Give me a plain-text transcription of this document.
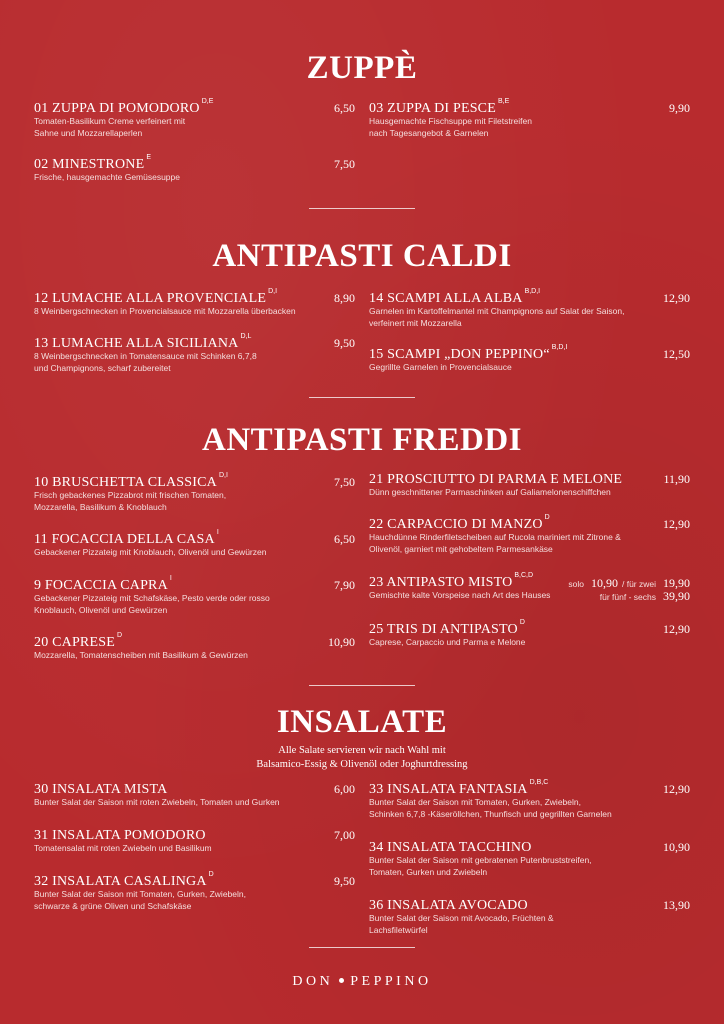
ZUPPÈ
01 ZUPPA DI POMODORO $^{D,E}$	6,50
Tomaten-Basilikum Creme verfeinert mit
Sahne und Mozzarellaperlen
02 MINESTRONE $^E$	7,50
Frische, hausgemachte Gemüsesuppe
03 ZUPPA DI PESCE $^{B,E}$	9,90
Hausgemachte Fischsuppe mit Filetstreifen
nach Tagesangebot & Garnelen
ANTIPASTI CALDI
12 LUMACHE ALLA PROVENCIALE $^{D,I}$	8,90
8 Weinbergschnecken in Provencialsauce mit Mozzarella überbacken
13 LUMACHE ALLA SICILIANA $^{D,L}$	9,50
8 Weinbergschnecken in Tomatensauce mit Schinken 6,7,8
und Champignons, scharf zubereitet
14 SCAMPI ALLA ALBA $^{B,D,I}$	12,90
Garnelen im Kartoffelmantel mit Champignons auf Salat der Saison,
verfeinert mit Mozzarella
15 SCAMPI „DON PEPPINO“ $^{B,D,I}$	12,50
Gegrillte Garnelen in Provencialsauce
ANTIPASTI FREDDI
10 BRUSCHETTA CLASSICA $^{D,I}$	7,50
Frisch gebackenes Pizzabrot mit frischen Tomaten,
Mozzarella, Basilikum & Knoblauch
11 FOCACCIA DELLA CASA $^I$	6,50
Gebackener Pizzateig mit Knoblauch, Olivenöl und Gewürzen
9 FOCACCIA CAPRA $^I$	7,90
Gebackener Pizzateig mit Schafskäse, Pesto verde oder rosso
Knoblauch, Olivenöl und Gewürzen
20 CAPRESE $^D$	10,90
Mozzarella, Tomatenscheiben mit Basilikum & Gewürzen
21 PROSCIUTTO DI PARMA E MELONE	11,90
Dünn geschnittener Parmaschinken auf Galiamelonenschiffchen
22 CARPACCIO DI MANZO $^D$	12,90
Hauchdünne Rinderfiletscheiben auf Rucola mariniert mit Zitrone &
Olivenöl, garniert mit gehobeltem Parmesankäse
23 ANTIPASTO MISTO $^{B,C,D}$
solo 10,90 / für zwei 19,90
Gemischte kalte Vorspeise nach Art des Hauses	für fünf - sechs 39,90
25 TRIS DI ANTIPASTO $^D$	12,90
Caprese, Carpaccio und Parma e Melone
INSALATE
Alle Salate servieren wir nach Wahl mit
Balsamico-Essig & Olivenöl oder Joghurtdressing
30 INSALATA MISTA	6,00
Bunter Salat der Saison mit roten Zwiebeln, Tomaten und Gurken
31 INSALATA POMODORO	7,00
Tomatensalat mit roten Zwiebeln und Basilikum
32 INSALATA CASALINGA $^D$	9,50
Bunter Salat der Saison mit Tomaten, Gurken, Zwiebeln,
schwarze & grüne Oliven und Schafskäse
33 INSALATA FANTASIA $^{D,B,C}$	12,90
Bunter Salat der Saison mit Tomaten, Gurken, Zwiebeln,
Schinken 6,7,8 -Käseröllchen, Thunfisch und gegrillten Garnelen
34 INSALATA TACCHINO	10,90
Bunter Salat der Saison mit gebratenen Putenbruststreifen,
Tomaten, Gurken und Zwiebeln
36 INSALATA AVOCADO	13,90
Bunter Salat der Saison mit Avocado, Früchten &
Lachsfiletwürfel
DON PEPPINO
